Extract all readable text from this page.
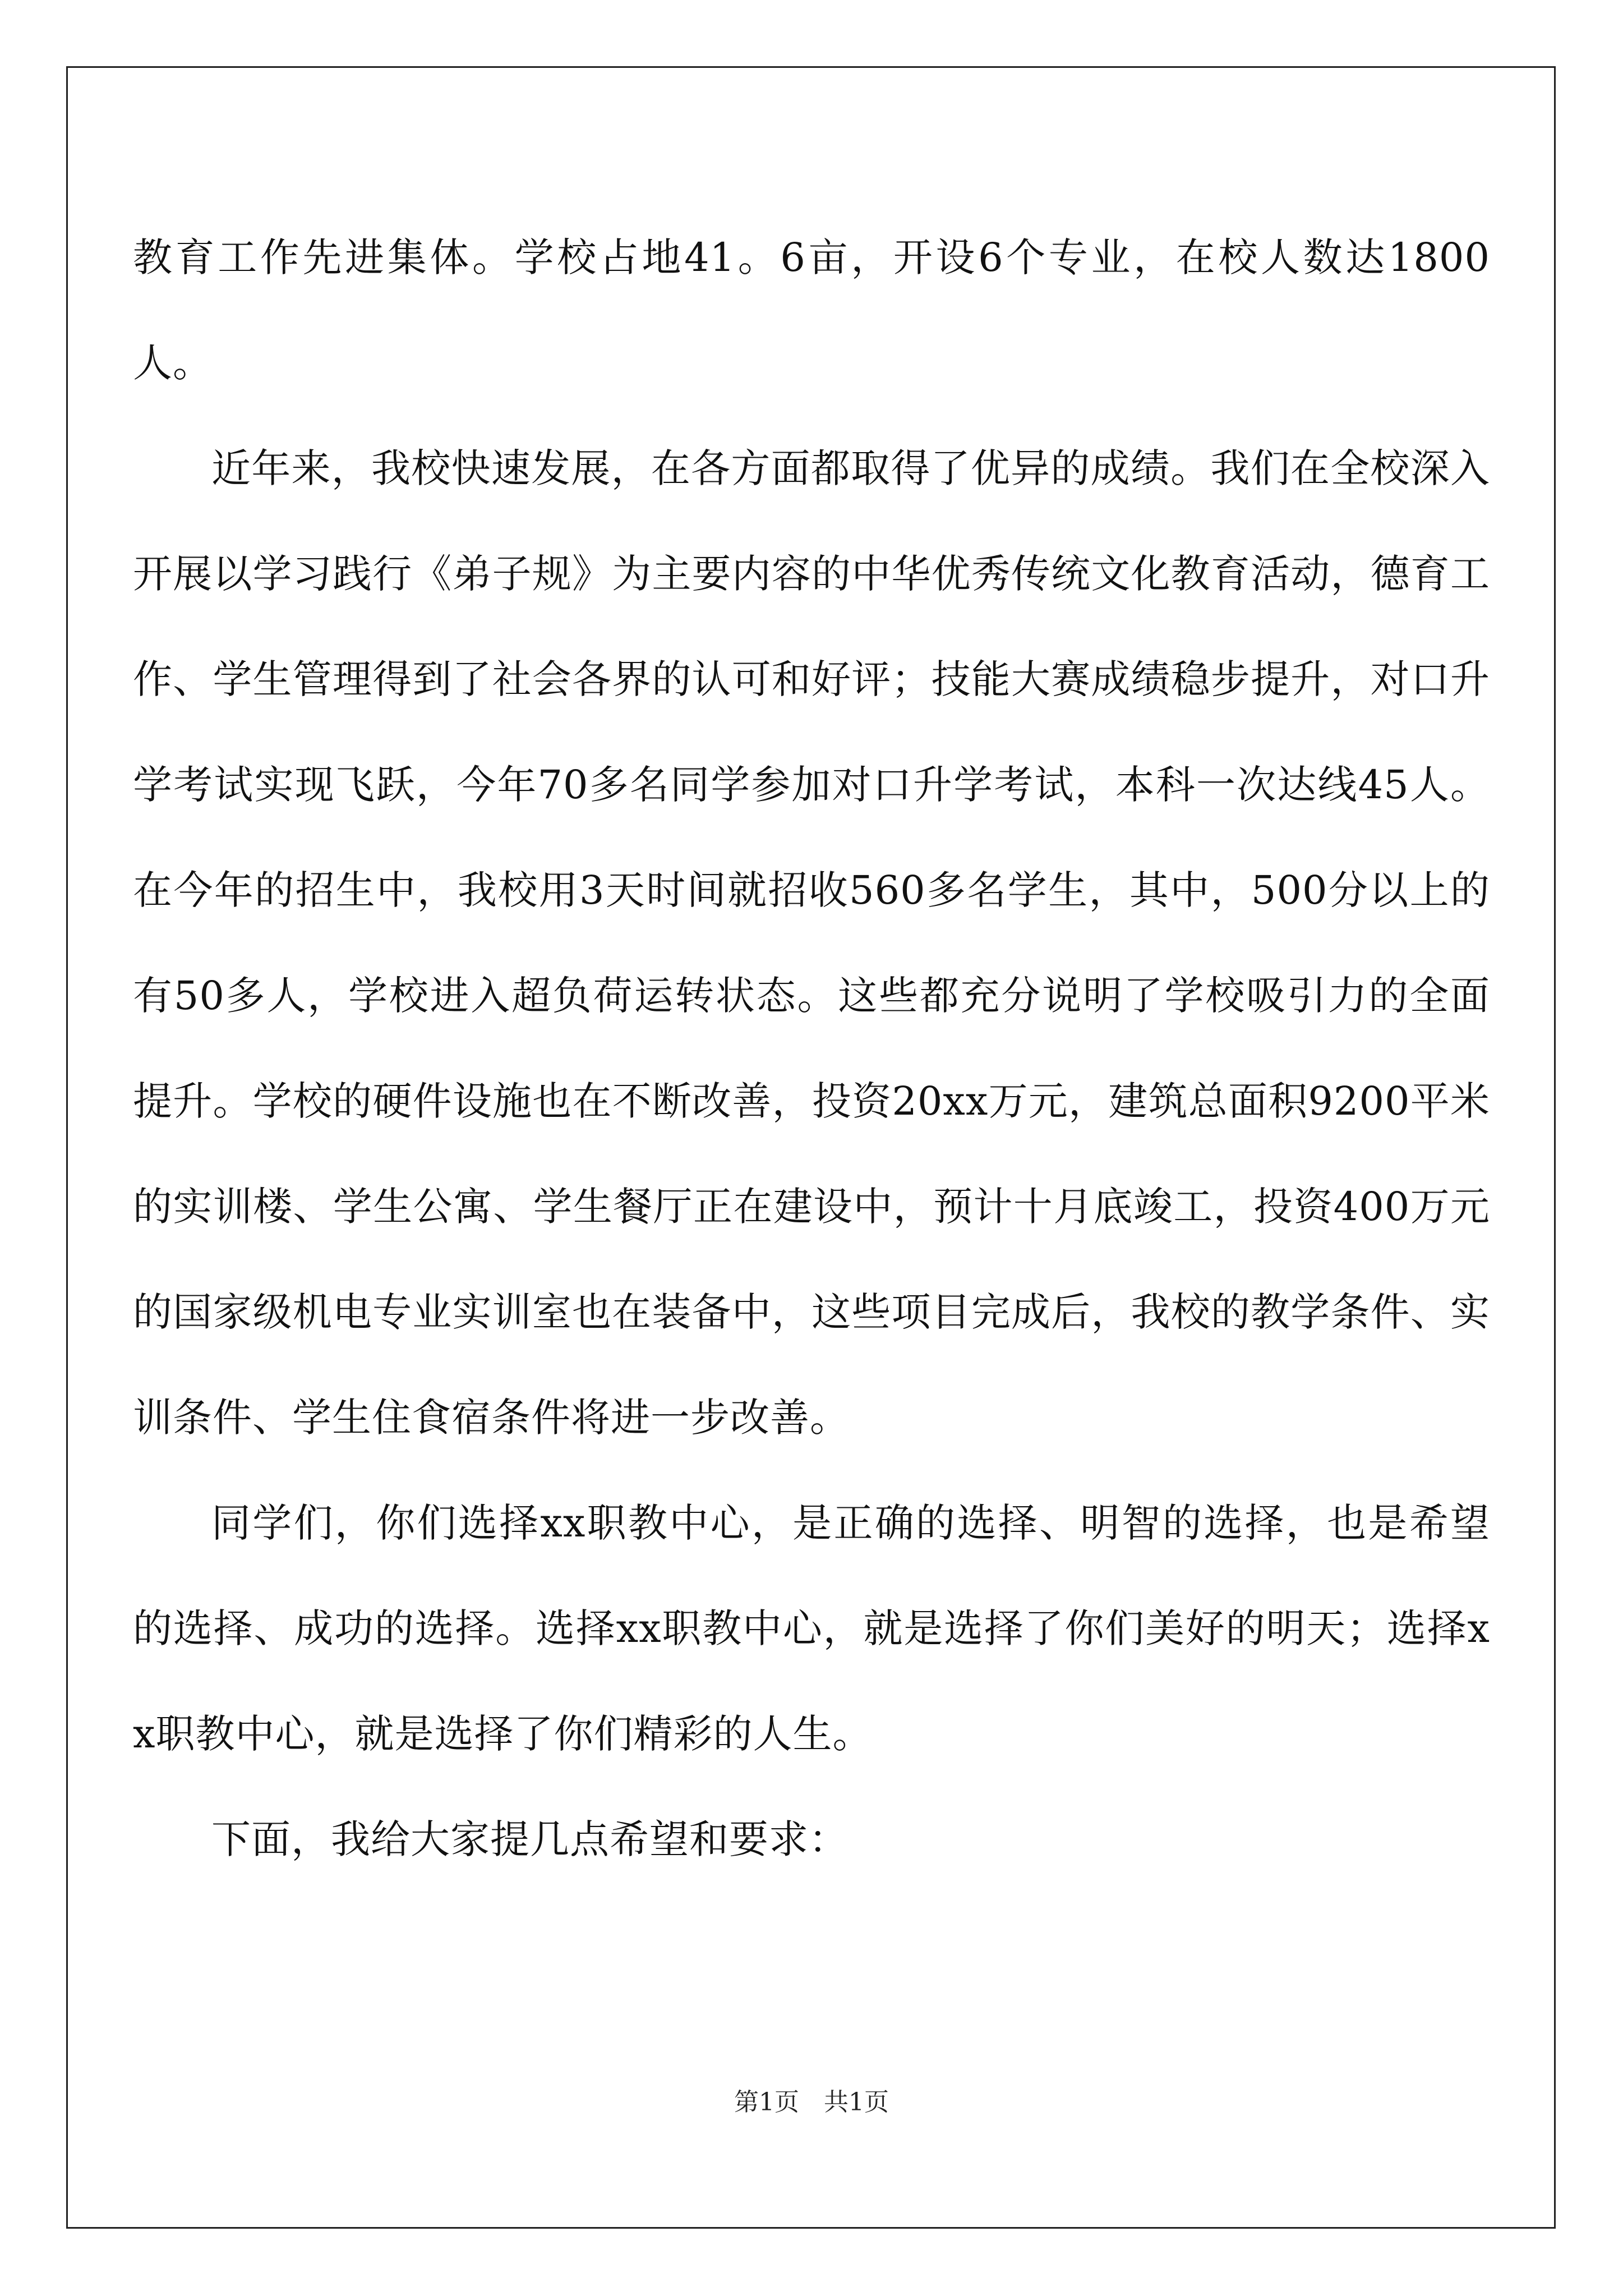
教育工作先进集体。学校占地41。6亩，开设6个专业，在校人数达1800人。

近年来，我校快速发展，在各方面都取得了优异的成绩。我们在全校深入开展以学习践行《弟子规》为主要内容的中华优秀传统文化教育活动，德育工作、学生管理得到了社会各界的认可和好评；技能大赛成绩稳步提升，对口升学考试实现飞跃，今年70多名同学参加对口升学考试，本科一次达线45人。在今年的招生中，我校用3天时间就招收560多名学生，其中，500分以上的有50多人，学校进入超负荷运转状态。这些都充分说明了学校吸引力的全面提升。学校的硬件设施也在不断改善，投资20xx万元，建筑总面积9200平米的实训楼、学生公寓、学生餐厅正在建设中，预计十月底竣工，投资400万元的国家级机电专业实训室也在装备中，这些项目完成后，我校的教学条件、实训条件、学生住食宿条件将进一步改善。

同学们，你们选择xx职教中心，是正确的选择、明智的选择，也是希望的选择、成功的选择。选择xx职教中心，就是选择了你们美好的明天；选择xx职教中心，就是选择了你们精彩的人生。

下面，我给大家提几点希望和要求：

第1页　共1页
